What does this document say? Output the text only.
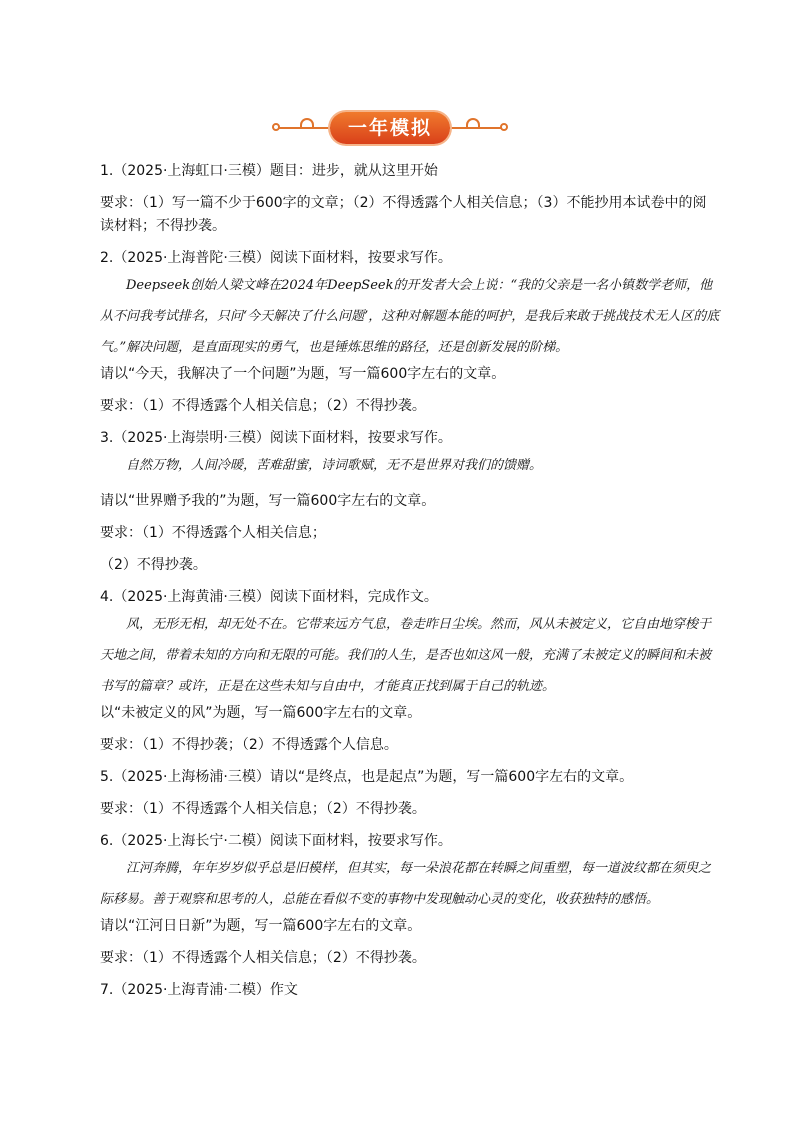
一年模拟

1.（2025·上海虹口·三模）题目：进步，就从这里开始

要求：（1）写一篇不少于600字的文章；（2）不得透露个人相关信息；（3）不能抄用本试卷中的阅读材料；不得抄袭。

2.（2025·上海普陀·三模）阅读下面材料，按要求写作。

Deepseek创始人梁文峰在2024年DeepSeek的开发者大会上说：“我的父亲是一名小镇数学老师，他从不问我考试排名，只问‘今天解决了什么问题’，这种对解题本能的呵护，是我后来敢于挑战技术无人区的底气。”解决问题，是直面现实的勇气，也是锤炼思维的路径，还是创新发展的阶梯。

请以“今天，我解决了一个问题”为题，写一篇600字左右的文章。

要求：（1）不得透露个人相关信息；（2）不得抄袭。

3.（2025·上海崇明·三模）阅读下面材料，按要求写作。

自然万物，人间冷暖，苦难甜蜜，诗词歌赋，无不是世界对我们的馈赠。

请以“世界赠予我的”为题，写一篇600字左右的文章。

要求：（1）不得透露个人相关信息；

（2）不得抄袭。

4.（2025·上海黄浦·三模）阅读下面材料，完成作文。

风，无形无相，却无处不在。它带来远方气息，卷走昨日尘埃。然而，风从未被定义，它自由地穿梭于天地之间，带着未知的方向和无限的可能。我们的人生，是否也如这风一般，充满了未被定义的瞬间和未被书写的篇章？或许，正是在这些未知与自由中，才能真正找到属于自己的轨迹。

以“未被定义的风”为题，写一篇600字左右的文章。

要求：（1）不得抄袭；（2）不得透露个人信息。

5.（2025·上海杨浦·三模）请以“是终点，也是起点”为题，写一篇600字左右的文章。

要求：（1）不得透露个人相关信息；（2）不得抄袭。

6.（2025·上海长宁·二模）阅读下面材料，按要求写作。

江河奔腾，年年岁岁似乎总是旧模样，但其实，每一朵浪花都在转瞬之间重塑，每一道波纹都在须臾之际移易。善于观察和思考的人，总能在看似不变的事物中发现触动心灵的变化，收获独特的感悟。

请以“江河日日新”为题，写一篇600字左右的文章。

要求：（1）不得透露个人相关信息；（2）不得抄袭。

7.（2025·上海青浦·二模）作文
